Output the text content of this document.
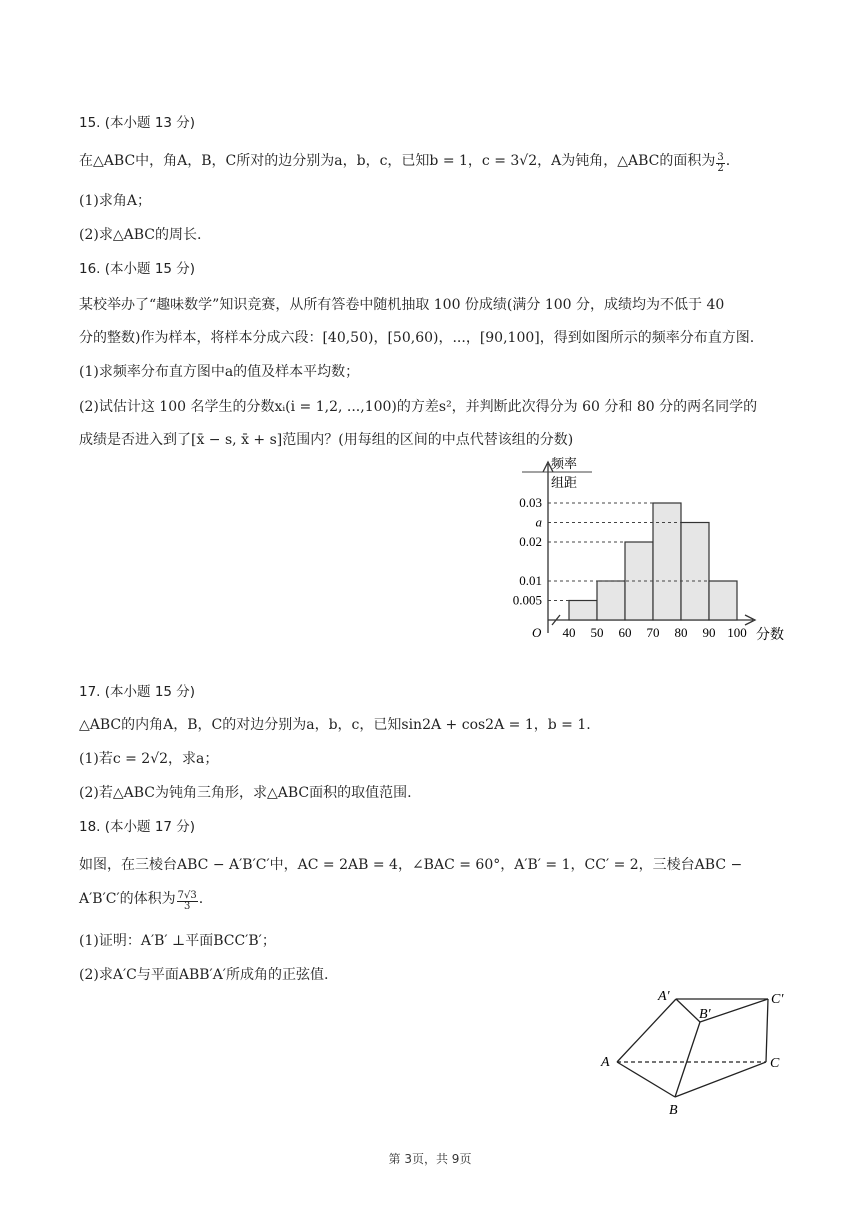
15. (本小题 13 分)
在△ABC中，角A，B，C所对的边分别为a，b，c，已知b = 1，c = 3√2，A为钝角，△ABC的面积为 $\frac{3}{2}$ .
(1)求角A；
(2)求△ABC的周长.
16. (本小题 15 分)
某校举办了“趣味数学”知识竞赛，从所有答卷中随机抽取 100 份成绩(满分 100 分，成绩均为不低于 40
分的整数)作为样本，将样本分成六段：[40,50)，[50,60)，...，[90,100]，得到如图所示的频率分布直方图.
(1)求频率分布直方图中a的值及样本平均数；
(2)试估计这 100 名学生的分数xᵢ(i = 1,2, ...,100)的方差s²，并判断此次得分为 60 分和 80 分的两名同学的
成绩是否进入到了[x̄ − s, x̄ + s]范围内？(用每组的区间的中点代替该组的分数)
频率
组距
分数
O
0.005
0.01
0.02
a
0.03
40 50 60 70 80 90 100
17. (本小题 15 分)
△ABC的内角A，B，C的对边分别为a，b，c，已知sin2A + cos2A = 1，b = 1.
(1)若c = 2√2，求a；
(2)若△ABC为钝角三角形，求△ABC面积的取值范围.
18. (本小题 17 分)
如图，在三棱台ABC − A′B′C′中，AC = 2AB = 4，∠BAC = 60°，A′B′ = 1，CC′ = 2，三棱台ABC −
A′B′C′的体积为 $\frac{7√3}{3}$ .
(1)证明：A′B′ ⊥平面BCC′B′；
(2)求A′C与平面ABB′A′所成角的正弦值.
A
B
C
A′
B′
C′
第 3页，共 9页
